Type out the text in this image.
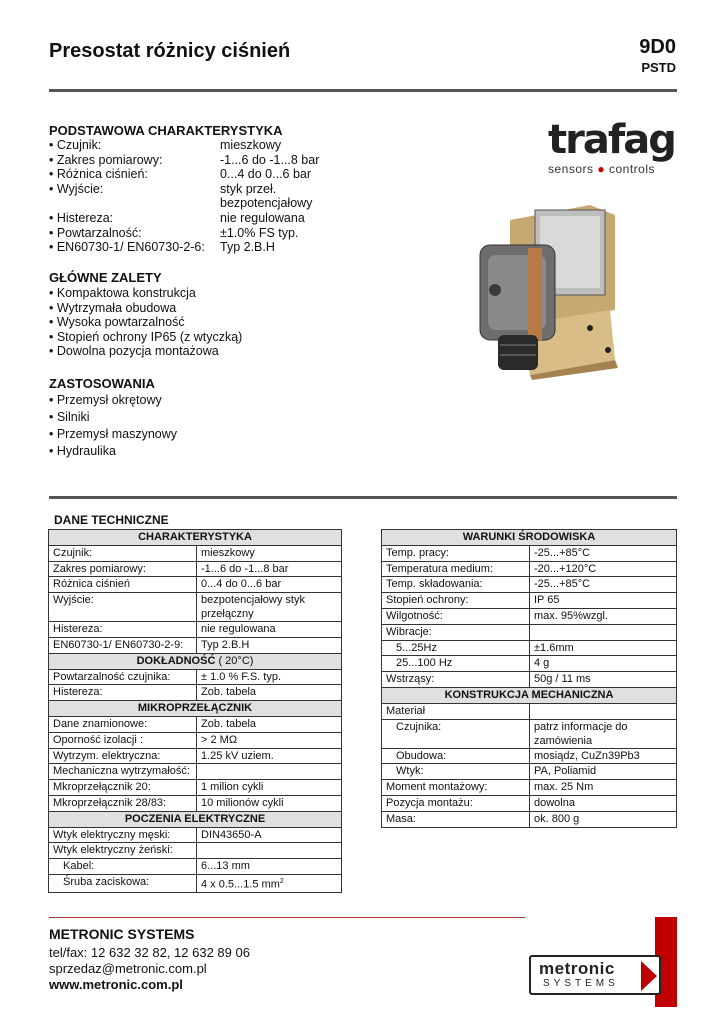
Presostat różnicy ciśnień	9D0
PSTD
trafag
sensors ● controls
PODSTAWOWA CHARAKTERYSTYKA
• Czujnik:	mieszkowy
• Zakres pomiarowy:	-1...6 do -1...8 bar
• Różnica ciśnień:	0...4 do 0...6 bar
• Wyjście:	styk przeł.
bezpotencjałowy
• Histereza:	nie regulowana
• Powtarzalność:	±1.0% FS typ.
• EN60730-1/ EN60730-2-6:	Typ 2.B.H
GŁÓWNE ZALETY
• Kompaktowa konstrukcja
• Wytrzymała obudowa
• Wysoka powtarzalność
• Stopień ochrony IP65 (z wtyczką)
• Dowolna pozycja montażowa
ZASTOSOWANIA
• Przemysł okrętowy
• Silniki
• Przemysł maszynowy
• Hydraulika
DANE TECHNICZNE
CHARAKTERYSTYKA	
Czujnik:	mieszkowy
Zakres pomiarowy:	-1...6 do -1...8 bar
Różnica ciśnień	0...4 do 0...6 bar
Wyjście:	bezpotencjałowy styk
przełączny
Histereza:	nie regulowana
EN60730-1/ EN60730-2-9:	Typ 2.B.H
DOKŁADNOŚĆ ( 20°C)	
Powtarzalność czujnika:	± 1.0 % F.S. typ.
Histereza:	Zob. tabela
MIKROPRZEŁĄCZNIK	
Dane znamionowe:	Zob. tabela
Oporność izolacji :	> 2 MΩ
Wytrzym. elektryczna:	1.25 kV uziem.
Mechaniczna wytrzymałość:	
Mkroprzełącznik 20:	1 milion cykli
Mkroprzełącznik 28/83:	10 milionów cykli
POCZENIA ELEKTRYCZNE	
Wtyk elektryczny męski:	DIN43650-A
Wtyk elektryczny żeński:	
Kabel:	6...13 mm
Śruba zaciskowa:	4 x 0.5...1.5 $mm^2$
WARUNKI ŚRODOWISKA	
Temp. pracy:	-25...+85°C
Temperatura medium:	-20...+120°C
Temp. składowania:	-25...+85°C
Stopień ochrony:	IP 65
Wilgotność:	max. 95%wzgl.
Wibracje:	
5...25Hz	±1.6mm
25...100 Hz	4 g
Wstrząsy:	50g / 11 ms
KONSTRUKCJA MECHANICZNA	
Materiał	
Czujnika:	patrz informacje do
zamówienia
Obudowa:	mosiądz, CuZn39Pb3
Wtyk:	PA, Poliamid
Moment montażowy:	max. 25 Nm
Pozycja montażu:	dowolna
Masa:	ok. 800 g
METRONIC SYSTEMS
tel/fax: 12 632 32 82, 12 632 89 06
sprzedaz@metronic.com.pl
www.metronic.com.pl
metronic
SYSTEMS
